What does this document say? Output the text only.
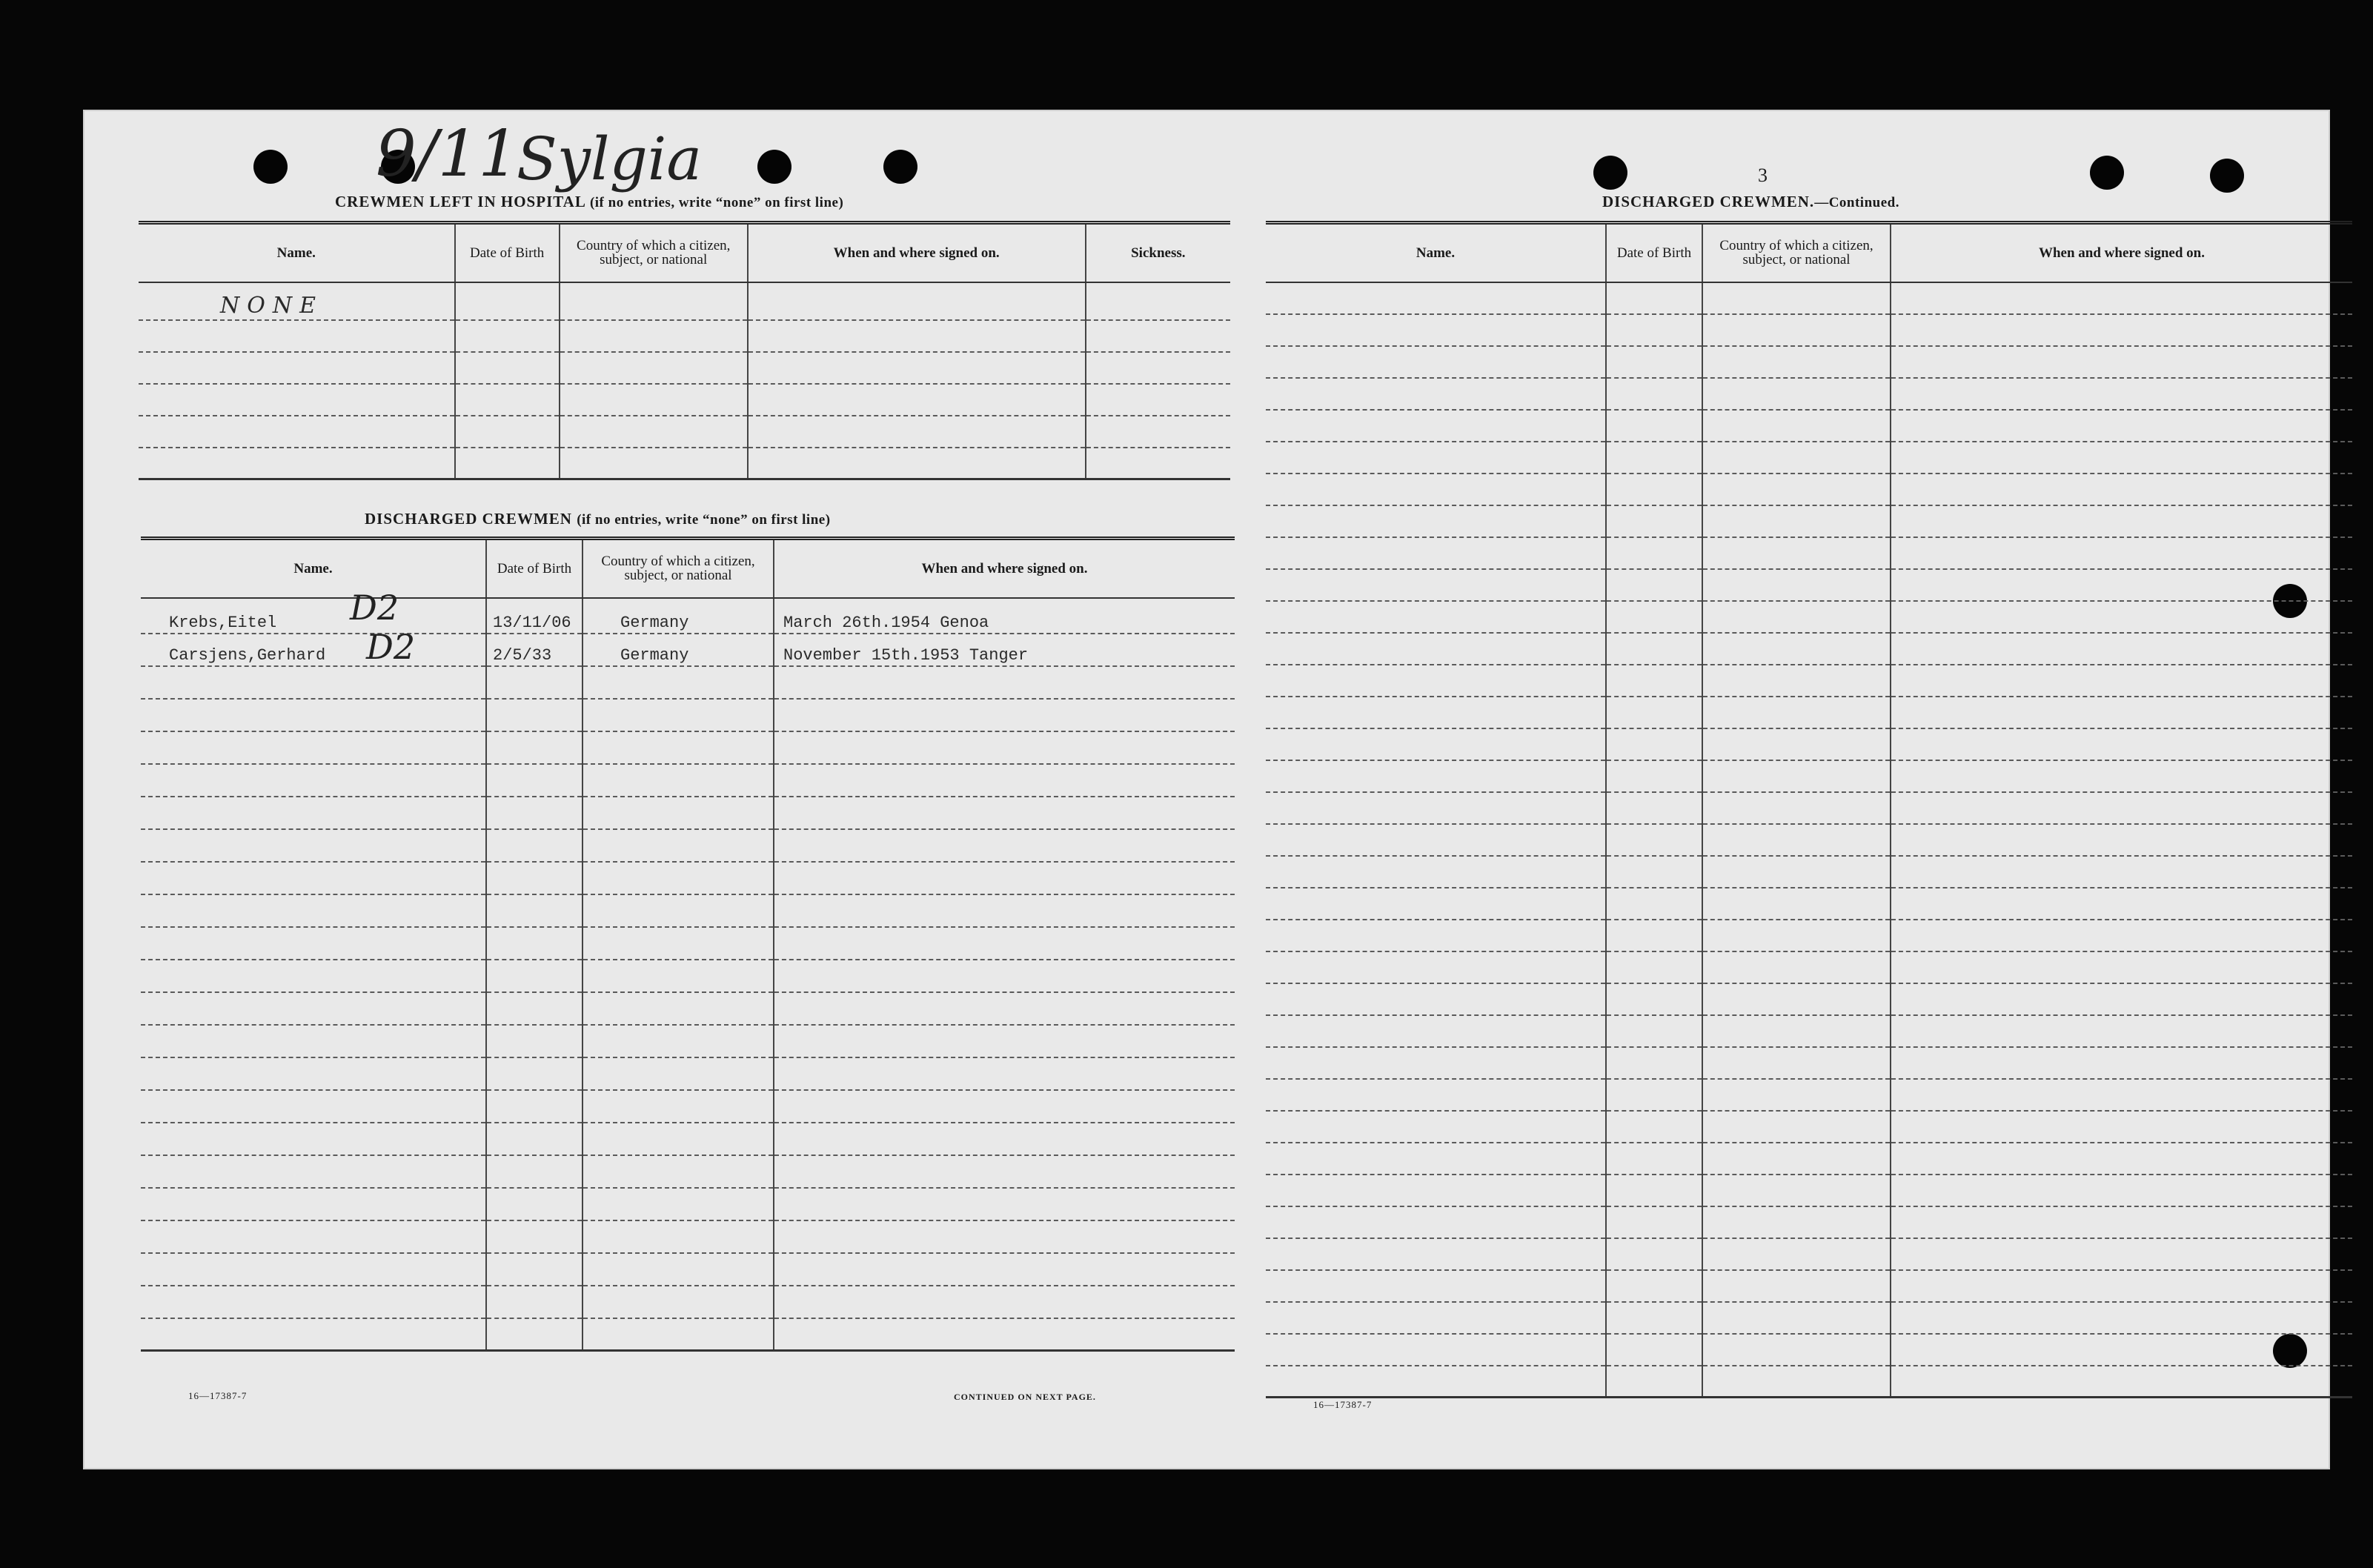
9/11
Sylgia
CREWMEN LEFT IN HOSPITAL (if no entries, write “none” on first line)
Name.	Date of Birth	Country of which a citizen, subject, or national	When and where signed on.	Sickness.
NONE				

DISCHARGED CREWMEN (if no entries, write “none” on first line)
Name.	Date of Birth	Country of which a citizen, subject, or national	When and where signed on.
Krebs,Eitel	13/11/06	Germany	March 26th.1954 Genoa
Carsjens,Gerhard	2/5/33	Germany	November 15th.1953 Tanger

D2
D2
16—17387-7	CONTINUED ON NEXT PAGE.
3
DISCHARGED CREWMEN.—Continued.
Name.	Date of Birth	Country of which a citizen, subject, or national	When and where signed on.

16—17387-7
